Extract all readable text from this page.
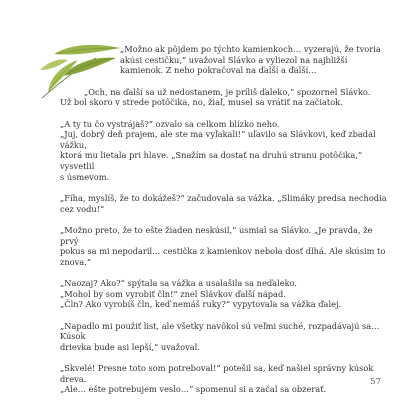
„Možno ak pôjdem po týchto kamienkoch… vyzerajú, že tvoria
akúsi cestičku,“ uvažoval Slávko a vyliezol na najbližší
kamienok. Z neho pokračoval na ďalší a ďalší…

„Och, na ďalší sa už nedostanem, je príliš ďaleko,“ spozornel Slávko.
Už bol skoro v strede potôčika, no, žiaľ, musel sa vrátiť na začiatok.

„A ty tu čo vystrájaš?“ ozvalo sa celkom blízko neho.
„Juj, dobrý deň prajem, ale ste ma vyľakali!“ uľavilo sa Slávkovi, keď zbadal vážku,
ktorá mu lietala pri hlave. „Snažím sa dostať na druhú stranu potôčika,“ vysvetlil
s úsmevom.

„Fíha, myslíš, že to dokážeš?“ začudovala sa vážka. „Slimáky predsa nechodia
cez vodu!“

„Možno preto, že to ešte žiaden neskúsil,“ usmial sa Slávko. „Je pravda, že prvý
pokus sa mi nepodaril… cestička z kamienkov nebola dosť dlhá. Ale skúsim to znova.“

„Naozaj? Ako?“ spýtala sa vážka a usalašila sa neďaleko.
„Mohol by som vyrobiť čln!“ znel Slávkov ďalší nápad.
„Čln? Ako vyrobíš čln, keď nemáš ruky?“ vypytovala sa vážka ďalej.

„Napadlo mi použiť list, ale všetky navôkol sú veľmi suché, rozpadávajú sa… Kúsok
drievka bude asi lepší,“ uvažoval.

„Skvelé! Presne toto som potreboval!“ potešil sa, keď našiel správny kúsok dreva.
„Ale… ešte potrebujem veslo…“ spomenul si a začal sa obzerať.

57
